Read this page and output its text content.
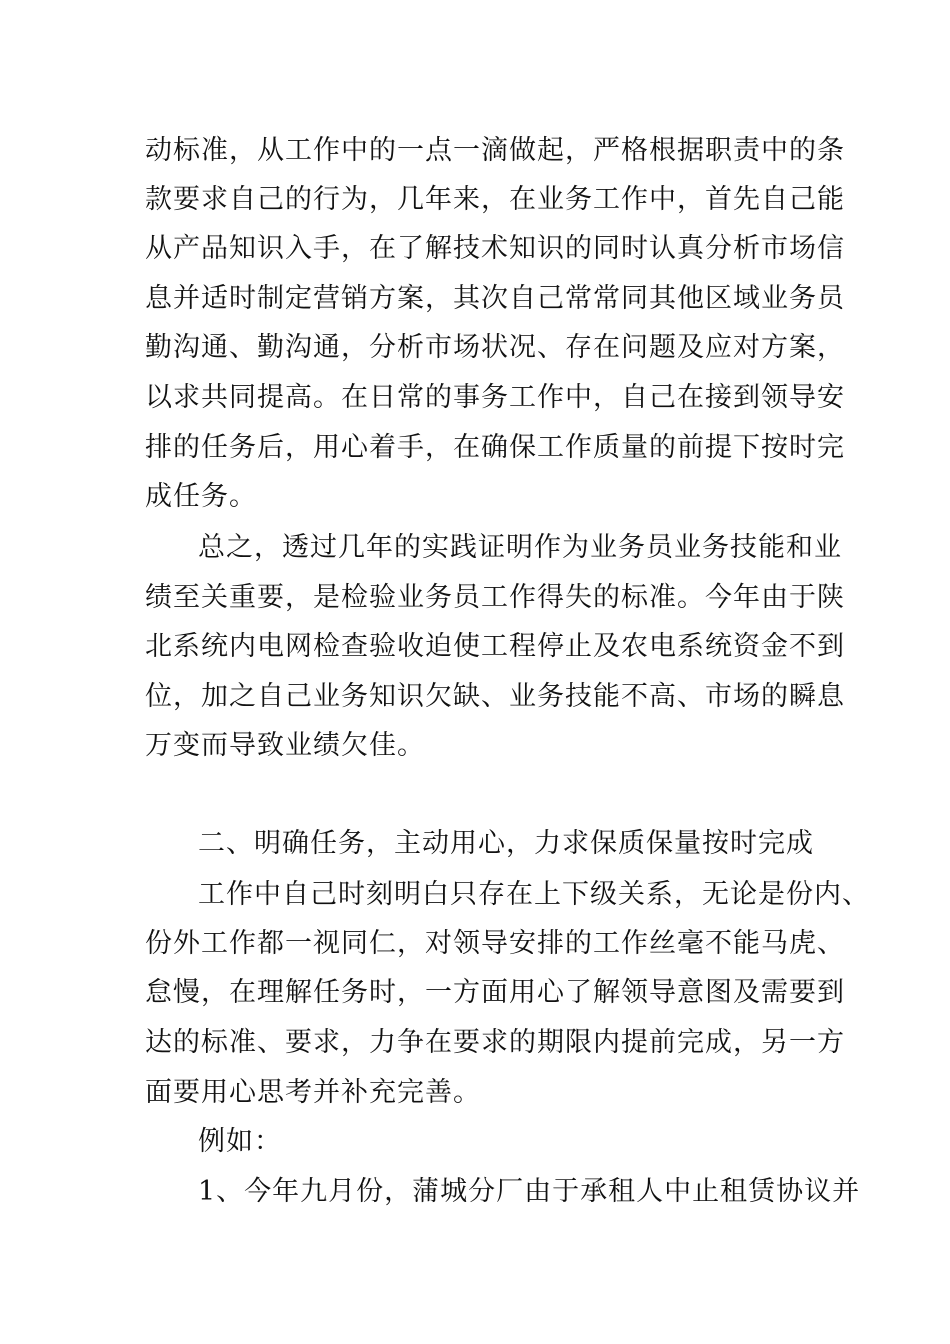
动标准，从工作中的一点一滴做起，严格根据职责中的条
款要求自己的行为，几年来，在业务工作中，首先自己能
从产品知识入手，在了解技术知识的同时认真分析市场信
息并适时制定营销方案，其次自己常常同其他区域业务员
勤沟通、勤沟通，分析市场状况、存在问题及应对方案，
以求共同提高。在日常的事务工作中，自己在接到领导安
排的任务后，用心着手，在确保工作质量的前提下按时完
成任务。
总之，透过几年的实践证明作为业务员业务技能和业
绩至关重要，是检验业务员工作得失的标准。今年由于陕
北系统内电网检查验收迫使工程停止及农电系统资金不到
位，加之自己业务知识欠缺、业务技能不高、市场的瞬息
万变而导致业绩欠佳。
二、明确任务，主动用心，力求保质保量按时完成
工作中自己时刻明白只存在上下级关系，无论是份内、
份外工作都一视同仁，对领导安排的工作丝毫不能马虎、
怠慢，在理解任务时，一方面用心了解领导意图及需要到
达的标准、要求，力争在要求的期限内提前完成，另一方
面要用心思考并补充完善。
例如：
1、今年九月份，蒲城分厂由于承租人中止租赁协议并
